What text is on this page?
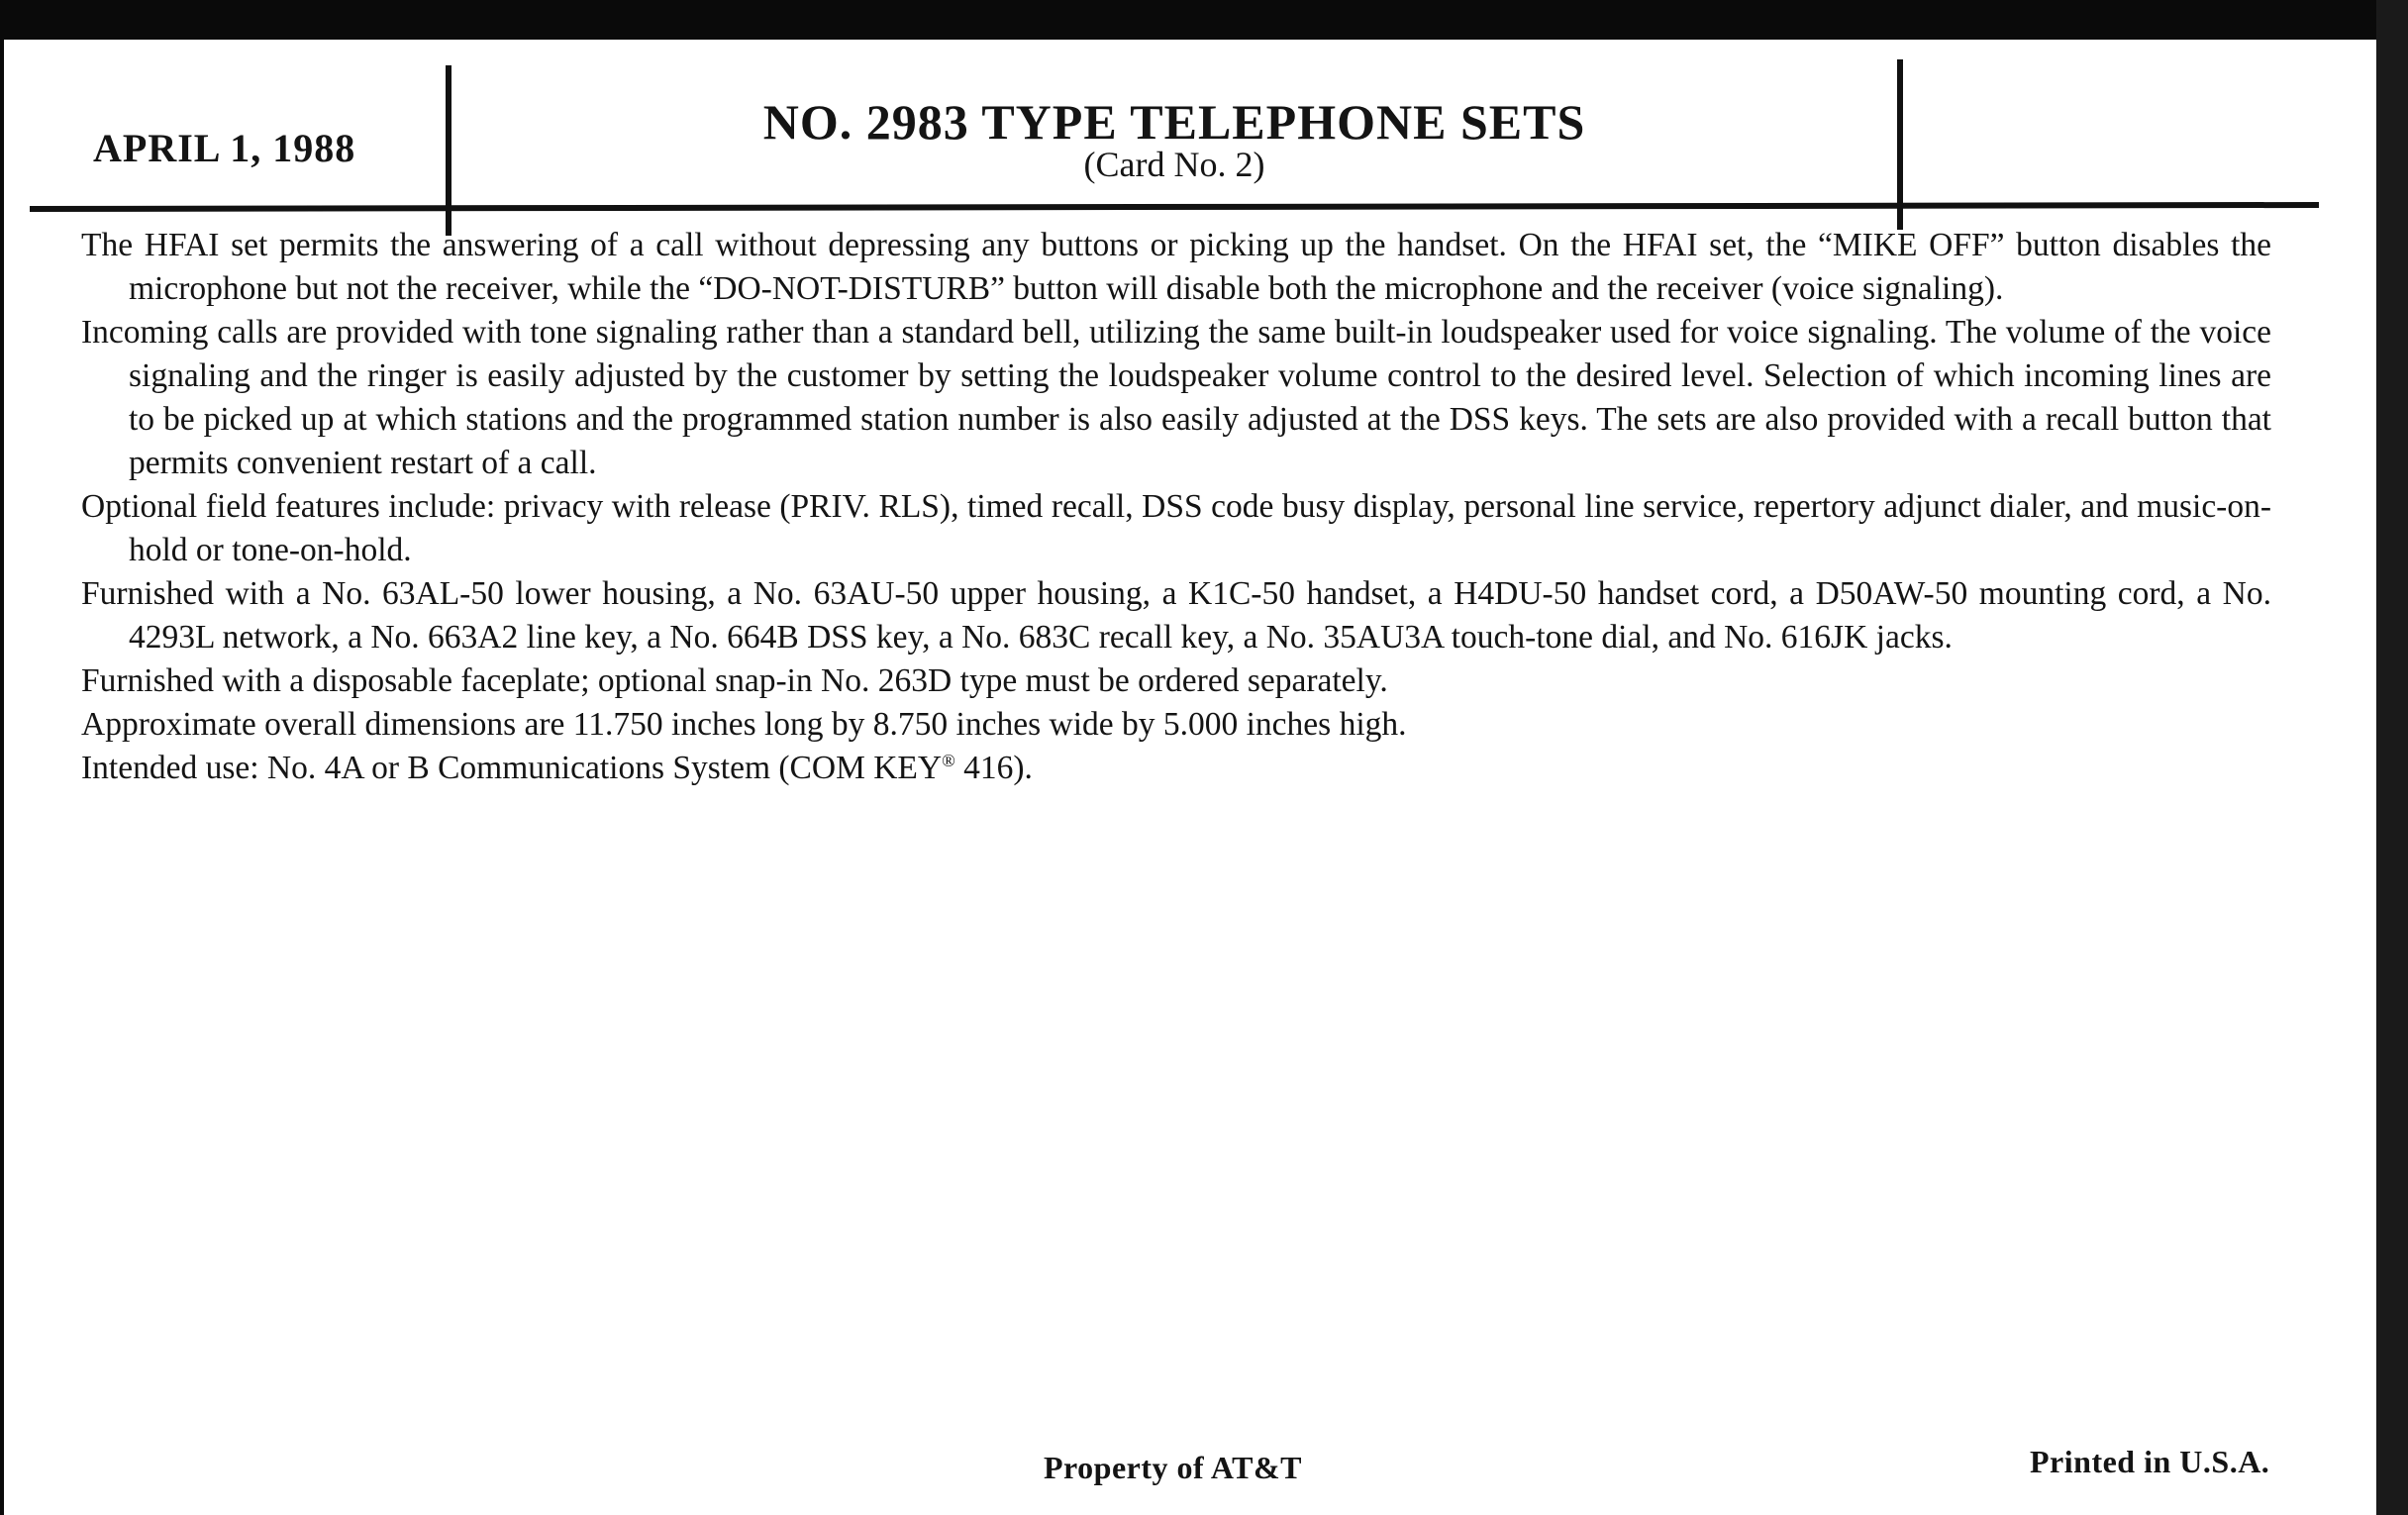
APRIL 1, 1988	NO. 2983 TYPE TELEPHONE SETS
(Card No. 2)

The HFAI set permits the answering of a call without depressing any buttons or picking up the handset. On the HFAI set, the “MIKE OFF” button disables the microphone but not the receiver, while the “DO-NOT-DISTURB” button will disable both the microphone and the receiver (voice signaling).

Incoming calls are provided with tone signaling rather than a standard bell, utilizing the same built-in loudspeaker used for voice signaling. The volume of the voice signaling and the ringer is easily adjusted by the customer by setting the loudspeaker volume control to the desired level. Selection of which incoming lines are to be picked up at which stations and the programmed station number is also easily adjusted at the DSS keys. The sets are also provided with a recall button that permits convenient restart of a call.

Optional field features include: privacy with release (PRIV. RLS), timed recall, DSS code busy display, personal line service, repertory adjunct dialer, and music-on-hold or tone-on-hold.

Furnished with a No. 63AL-50 lower housing, a No. 63AU-50 upper housing, a K1C-50 handset, a H4DU-50 handset cord, a D50AW-50 mounting cord, a No. 4293L network, a No. 663A2 line key, a No. 664B DSS key, a No. 683C recall key, a No. 35AU3A touch-tone dial, and No. 616JK jacks.

Furnished with a disposable faceplate; optional snap-in No. 263D type must be ordered separately.

Approximate overall dimensions are 11.750 inches long by 8.750 inches wide by 5.000 inches high.

Intended use: No. 4A or B Communications System (COM KEY® 416).

Property of AT&T	Printed in U.S.A.
